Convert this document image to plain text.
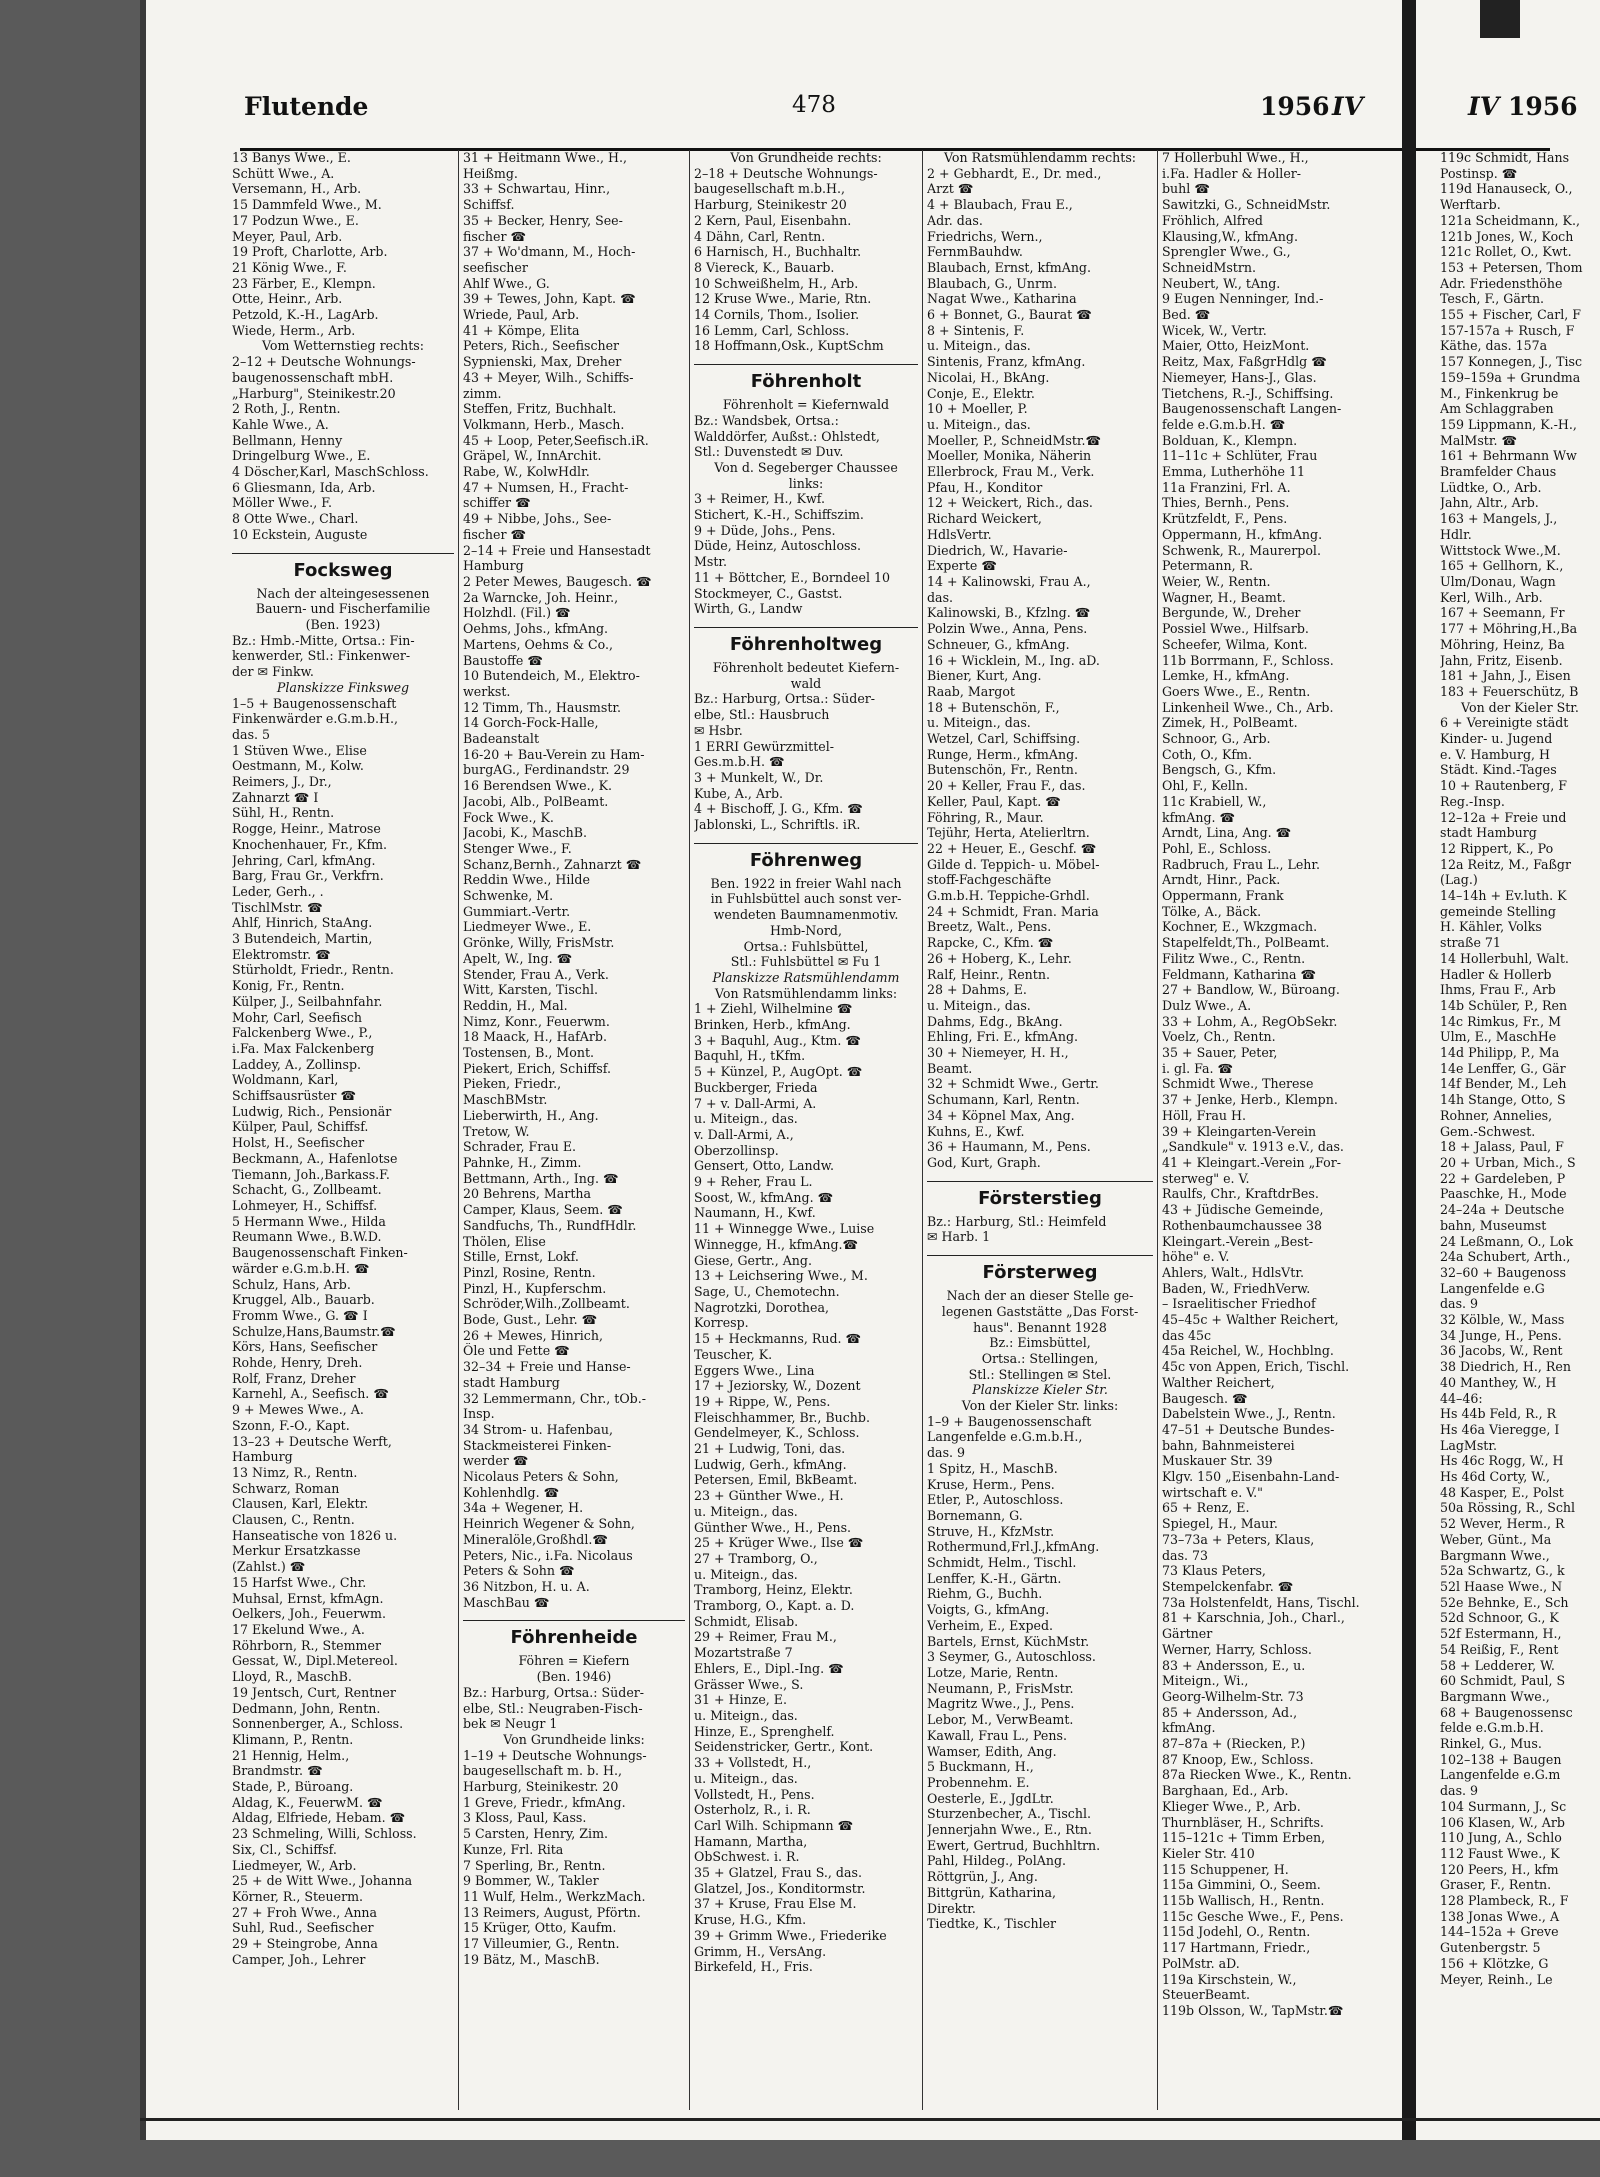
Flutende	478	1956 IV	IV 1956
13 Banys Wwe., E.
Schütt Wwe., A.
Versemann, H., Arb.
15 Dammfeld Wwe., M.
17 Podzun Wwe., E.
Meyer, Paul, Arb.
19 Proft, Charlotte, Arb.
21 König Wwe., F.
23 Färber, E., Klempn.
Otte, Heinr., Arb.
Petzold, K.-H., LagArb.
Wiede, Herm., Arb.
Vom Wetternstieg rechts:
2–12 + Deutsche Wohnungs-
baugenossenschaft mbH.
„Harburg", Steinikestr.20
2 Roth, J., Rentn.
Kahle Wwe., A.
Bellmann, Henny
Dringelburg Wwe., E.
4 Döscher,Karl, MaschSchloss.
6 Gliesmann, Ida, Arb.
Möller Wwe., F.
8 Otte Wwe., Charl.
10 Eckstein, Auguste
Focksweg
Nach der alteingesessenen
Bauern- und Fischerfamilie
(Ben. 1923)
Bz.: Hmb.-Mitte, Ortsa.: Fin-
kenwerder, Stl.: Finkenwer-
der ✉ Finkw.
Planskizze Finksweg
1–5 + Baugenossenschaft
Finkenwärder e.G.m.b.H.,
das. 5
1 Stüven Wwe., Elise
Oestmann, M., Kolw.
Reimers, J., Dr.,
Zahnarzt ☎ I
Sühl, H., Rentn.
Rogge, Heinr., Matrose
Knochenhauer, Fr., Kfm.
Jehring, Carl, kfmAng.
Barg, Frau Gr., Verkfrn.
Leder, Gerh., .
TischlMstr. ☎
Ahlf, Hinrich, StaAng.
3 Butendeich, Martin,
Elektromstr. ☎
Stürholdt, Friedr., Rentn.
Konig, Fr., Rentn.
Külper, J., Seilbahnfahr.
Mohr, Carl, Seefisch
Falckenberg Wwe., P.,
i.Fa. Max Falckenberg
Laddey, A., Zollinsp.
Woldmann, Karl,
Schiffsausrüster ☎
Ludwig, Rich., Pensionär
Külper, Paul, Schiffsf.
Holst, H., Seefischer
Beckmann, A., Hafenlotse
Tiemann, Joh.,Barkass.F.
Schacht, G., Zollbeamt.
Lohmeyer, H., Schiffsf.
5 Hermann Wwe., Hilda
Reumann Wwe., B.W.D.
Baugenossenschaft Finken-
wärder e.G.m.b.H. ☎
Schulz, Hans, Arb.
Kruggel, Alb., Bauarb.
Fromm Wwe., G. ☎ I
Schulze,Hans,Baumstr.☎
Körs, Hans, Seefischer
Rohde, Henry, Dreh.
Rolf, Franz, Dreher
Karnehl, A., Seefisch. ☎
9 + Mewes Wwe., A.
Szonn, F.-O., Kapt.
13–23 + Deutsche Werft,
Hamburg
13 Nimz, R., Rentn.
Schwarz, Roman
Clausen, Karl, Elektr.
Clausen, C., Rentn.
Hanseatische von 1826 u.
Merkur Ersatzkasse
(Zahlst.) ☎
15 Harfst Wwe., Chr.
Muhsal, Ernst, kfmAgn.
Oelkers, Joh., Feuerwm.
17 Ekelund Wwe., A.
Röhrborn, R., Stemmer
Gessat, W., Dipl.Metereol.
Lloyd, R., MaschB.
19 Jentsch, Curt, Rentner
Dedmann, John, Rentn.
Sonnenberger, A., Schloss.
Klimann, P., Rentn.
21 Hennig, Helm.,
Brandmstr. ☎
Stade, P., Büroang.
Aldag, K., FeuerwM. ☎
Aldag, Elfriede, Hebam. ☎
23 Schmeling, Willi, Schloss.
Six, Cl., Schiffsf.
Liedmeyer, W., Arb.
25 + de Witt Wwe., Johanna
Körner, R., Steuerm.
27 + Froh Wwe., Anna
Suhl, Rud., Seefischer
29 + Steingrobe, Anna
Camper, Joh., Lehrer
31 + Heitmann Wwe., H.,
Heißmg.
33 + Schwartau, Hinr.,
Schiffsf.
35 + Becker, Henry, See-
fischer ☎
37 + Wo'dmann, M., Hoch-
seefischer
Ahlf Wwe., G.
39 + Tewes, John, Kapt. ☎
Wriede, Paul, Arb.
41 + Kömpe, Elita
Peters, Rich., Seefischer
Sypnienski, Max, Dreher
43 + Meyer, Wilh., Schiffs-
zimm.
Steffen, Fritz, Buchhalt.
Volkmann, Herb., Masch.
45 + Loop, Peter,Seefisch.iR.
Gräpel, W., InnArchit.
Rabe, W., KolwHdlr.
47 + Numsen, H., Fracht-
schiffer ☎
49 + Nibbe, Johs., See-
fischer ☎
2–14 + Freie und Hansestadt
Hamburg
2 Peter Mewes, Baugesch. ☎
2a Warncke, Joh. Heinr.,
Holzhdl. (Fil.) ☎
Oehms, Johs., kfmAng.
Martens, Oehms & Co.,
Baustoffe ☎
10 Butendeich, M., Elektro-
werkst.
12 Timm, Th., Hausmstr.
14 Gorch-Fock-Halle,
Badeanstalt
16-20 + Bau-Verein zu Ham-
burgAG., Ferdinandstr. 29
16 Berendsen Wwe., K.
Jacobi, Alb., PolBeamt.
Fock Wwe., K.
Jacobi, K., MaschB.
Stenger Wwe., F.
Schanz,Bernh., Zahnarzt ☎
Reddin Wwe., Hilde
Schwenke, M.
Gummiart.-Vertr.
Liedmeyer Wwe., E.
Grönke, Willy, FrisMstr.
Apelt, W., Ing. ☎
Stender, Frau A., Verk.
Witt, Karsten, Tischl.
Reddin, H., Mal.
Nimz, Konr., Feuerwm.
18 Maack, H., HafArb.
Tostensen, B., Mont.
Piekert, Erich, Schiffsf.
Pieken, Friedr.,
MaschBMstr.
Lieberwirth, H., Ang.
Tretow, W.
Schrader, Frau E.
Pahnke, H., Zimm.
Bettmann, Arth., Ing. ☎
20 Behrens, Martha
Camper, Klaus, Seem. ☎
Sandfuchs, Th., RundfHdlr.
Thölen, Elise
Stille, Ernst, Lokf.
Pinzl, Rosine, Rentn.
Pinzl, H., Kupferschm.
Schröder,Wilh.,Zollbeamt.
Bode, Gust., Lehr. ☎
26 + Mewes, Hinrich,
Öle und Fette ☎
32–34 + Freie und Hanse-
stadt Hamburg
32 Lemmermann, Chr., tOb.-
Insp.
34 Strom- u. Hafenbau,
Stackmeisterei Finken-
werder ☎
Nicolaus Peters & Sohn,
Kohlenhdlg. ☎
34a + Wegener, H.
Heinrich Wegener & Sohn,
Mineralöle,Großhdl.☎
Peters, Nic., i.Fa. Nicolaus
Peters & Sohn ☎
36 Nitzbon, H. u. A.
MaschBau ☎
Föhrenheide
Föhren = Kiefern
(Ben. 1946)
Bz.: Harburg, Ortsa.: Süder-
elbe, Stl.: Neugraben-Fisch-
bek ✉ Neugr 1
Von Grundheide links:
1–19 + Deutsche Wohnungs-
baugesellschaft m. b. H.,
Harburg, Steinikestr. 20
1 Greve, Friedr., kfmAng.
3 Kloss, Paul, Kass.
5 Carsten, Henry, Zim.
Kunze, Frl. Rita
7 Sperling, Br., Rentn.
9 Bommer, W., Takler
11 Wulf, Helm., WerkzMach.
13 Reimers, August, Pförtn.
15 Krüger, Otto, Kaufm.
17 Villeumier, G., Rentn.
19 Bätz, M., MaschB.
Von Grundheide rechts:
2–18 + Deutsche Wohnungs-
baugesellschaft m.b.H.,
Harburg, Steinikestr 20
2 Kern, Paul, Eisenbahn.
4 Dähn, Carl, Rentn.
6 Harnisch, H., Buchhaltr.
8 Viereck, K., Bauarb.
10 Schweißhelm, H., Arb.
12 Kruse Wwe., Marie, Rtn.
14 Cornils, Thom., Isolier.
16 Lemm, Carl, Schloss.
18 Hoffmann,Osk., KuptSchm
Föhrenholt
Föhrenholt = Kiefernwald
Bz.: Wandsbek, Ortsa.:
Walddörfer, Außst.: Ohlstedt,
Stl.: Duvenstedt ✉ Duv.
Von d. Segeberger Chaussee
links:
3 + Reimer, H., Kwf.
Stichert, K.-H., Schiffszim.
9 + Düde, Johs., Pens.
Düde, Heinz, Autoschloss.
Mstr.
11 + Böttcher, E., Borndeel 10
Stockmeyer, C., Gastst.
Wirth, G., Landw
Föhrenholtweg
Föhrenholt bedeutet Kiefern-
wald
Bz.: Harburg, Ortsa.: Süder-
elbe, Stl.: Hausbruch
✉ Hsbr.
1 ERRI Gewürzmittel-
Ges.m.b.H. ☎
3 + Munkelt, W., Dr.
Kube, A., Arb.
4 + Bischoff, J. G., Kfm. ☎
Jablonski, L., Schriftls. iR.
Föhrenweg
Ben. 1922 in freier Wahl nach
in Fuhlsbüttel auch sonst ver-
wendeten Baumnamenmotiv.
Hmb-Nord,
Ortsa.: Fuhlsbüttel,
Stl.: Fuhlsbüttel ✉ Fu 1
Planskizze Ratsmühlendamm
Von Ratsmühlendamm links:
1 + Ziehl, Wilhelmine ☎
Brinken, Herb., kfmAng.
3 + Baquhl, Aug., Ktm. ☎
Baquhl, H., tKfm.
5 + Künzel, P., AugOpt. ☎
Buckberger, Frieda
7 + v. Dall-Armi, A.
u. Miteign., das.
v. Dall-Armi, A.,
Oberzollinsp.
Gensert, Otto, Landw.
9 + Reher, Frau L.
Soost, W., kfmAng. ☎
Naumann, H., Kwf.
11 + Winnegge Wwe., Luise
Winnegge, H., kfmAng.☎
Giese, Gertr., Ang.
13 + Leichsering Wwe., M.
Sage, U., Chemotechn.
Nagrotzki, Dorothea,
Korresp.
15 + Heckmanns, Rud. ☎
Teuscher, K.
Eggers Wwe., Lina
17 + Jeziorsky, W., Dozent
19 + Rippe, W., Pens.
Fleischhammer, Br., Buchb.
Gendelmeyer, K., Schloss.
21 + Ludwig, Toni, das.
Ludwig, Gerh., kfmAng.
Petersen, Emil, BkBeamt.
23 + Günther Wwe., H.
u. Miteign., das.
Günther Wwe., H., Pens.
25 + Krüger Wwe., Ilse ☎
27 + Tramborg, O.,
u. Miteign., das.
Tramborg, Heinz, Elektr.
Tramborg, O., Kapt. a. D.
Schmidt, Elisab.
29 + Reimer, Frau M.,
Mozartstraße 7
Ehlers, E., Dipl.-Ing. ☎
Grässer Wwe., S.
31 + Hinze, E.
u. Miteign., das.
Hinze, E., Sprenghelf.
Seidenstricker, Gertr., Kont.
33 + Vollstedt, H.,
u. Miteign., das.
Vollstedt, H., Pens.
Osterholz, R., i. R.
Carl Wilh. Schipmann ☎
Hamann, Martha,
ObSchwest. i. R.
35 + Glatzel, Frau S., das.
Glatzel, Jos., Konditormstr.
37 + Kruse, Frau Else M.
Kruse, H.G., Kfm.
39 + Grimm Wwe., Friederike
Grimm, H., VersAng.
Birkefeld, H., Fris.
Von Ratsmühlendamm rechts:
2 + Gebhardt, E., Dr. med.,
Arzt ☎
4 + Blaubach, Frau E.,
Adr. das.
Friedrichs, Wern.,
FernmBauhdw.
Blaubach, Ernst, kfmAng.
Blaubach, G., Unrm.
Nagat Wwe., Katharina
6 + Bonnet, G., Baurat ☎
8 + Sintenis, F.
u. Miteign., das.
Sintenis, Franz, kfmAng.
Nicolai, H., BkAng.
Conje, E., Elektr.
10 + Moeller, P.
u. Miteign., das.
Moeller, P., SchneidMstr.☎
Moeller, Monika, Näherin
Ellerbrock, Frau M., Verk.
Pfau, H., Konditor
12 + Weickert, Rich., das.
Richard Weickert,
HdlsVertr.
Diedrich, W., Havarie-
Experte ☎
14 + Kalinowski, Frau A.,
das.
Kalinowski, B., Kfzlng. ☎
Polzin Wwe., Anna, Pens.
Schneuer, G., kfmAng.
16 + Wicklein, M., Ing. aD.
Biener, Kurt, Ang.
Raab, Margot
18 + Butenschön, F.,
u. Miteign., das.
Wetzel, Carl, Schiffsing.
Runge, Herm., kfmAng.
Butenschön, Fr., Rentn.
20 + Keller, Frau F., das.
Keller, Paul, Kapt. ☎
Föhring, R., Maur.
Tejühr, Herta, Atelierltrn.
22 + Heuer, E., Geschf. ☎
Gilde d. Teppich- u. Möbel-
stoff-Fachgeschäfte
G.m.b.H. Teppiche-Grhdl.
24 + Schmidt, Fran. Maria
Breetz, Walt., Pens.
Rapcke, C., Kfm. ☎
26 + Hoberg, K., Lehr.
Ralf, Heinr., Rentn.
28 + Dahms, E.
u. Miteign., das.
Dahms, Edg., BkAng.
Ehling, Fri. E., kfmAng.
30 + Niemeyer, H. H.,
Beamt.
32 + Schmidt Wwe., Gertr.
Schumann, Karl, Rentn.
34 + Köpnel Max, Ang.
Kuhns, E., Kwf.
36 + Haumann, M., Pens.
God, Kurt, Graph.
Försterstieg
Bz.: Harburg, Stl.: Heimfeld
✉ Harb. 1
Försterweg
Nach der an dieser Stelle ge-
legenen Gaststätte „Das Forst-
haus". Benannt 1928
Bz.: Eimsbüttel,
Ortsa.: Stellingen,
Stl.: Stellingen ✉ Stel.
Planskizze Kieler Str.
Von der Kieler Str. links:
1–9 + Baugenossenschaft
Langenfelde e.G.m.b.H.,
das. 9
1 Spitz, H., MaschB.
Kruse, Herm., Pens.
Etler, P., Autoschloss.
Bornemann, G.
Struve, H., KfzMstr.
Rothermund,Frl.J.,kfmAng.
Schmidt, Helm., Tischl.
Lenffer, K.-H., Gärtn.
Riehm, G., Buchh.
Voigts, G., kfmAng.
Verheim, E., Exped.
Bartels, Ernst, KüchMstr.
3 Seymer, G., Autoschloss.
Lotze, Marie, Rentn.
Neumann, P., FrisMstr.
Magritz Wwe., J., Pens.
Lebor, M., VerwBeamt.
Kawall, Frau L., Pens.
Wamser, Edith, Ang.
5 Buckmann, H.,
Probennehm. E.
Oesterle, E., JgdLtr.
Sturzenbecher, A., Tischl.
Jennerjahn Wwe., E., Rtn.
Ewert, Gertrud, Buchhltrn.
Pahl, Hildeg., PolAng.
Röttgrün, J., Ang.
Bittgrün, Katharina,
Direktr.
Tiedtke, K., Tischler
7 Hollerbuhl Wwe., H.,
i.Fa. Hadler & Holler-
buhl ☎
Sawitzki, G., SchneidMstr.
Fröhlich, Alfred
Klausing,W., kfmAng.
Sprengler Wwe., G.,
SchneidMstrn.
Neubert, W., tAng.
9 Eugen Nenninger, Ind.-
Bed. ☎
Wicek, W., Vertr.
Maier, Otto, HeizMont.
Reitz, Max, FaßgrHdlg ☎
Niemeyer, Hans-J., Glas.
Tietchens, R.-J., Schiffsing.
Baugenossenschaft Langen-
felde e.G.m.b.H. ☎
Bolduan, K., Klempn.
11–11c + Schlüter, Frau
Emma, Lutherhöhe 11
11a Franzini, Frl. A.
Thies, Bernh., Pens.
Krützfeldt, F., Pens.
Oppermann, H., kfmAng.
Schwenk, R., Maurerpol.
Petermann, R.
Weier, W., Rentn.
Wagner, H., Beamt.
Bergunde, W., Dreher
Possiel Wwe., Hilfsarb.
Scheefer, Wilma, Kont.
11b Borrmann, F., Schloss.
Lemke, H., kfmAng.
Goers Wwe., E., Rentn.
Linkenheil Wwe., Ch., Arb.
Zimek, H., PolBeamt.
Schnoor, G., Arb.
Coth, O., Kfm.
Bengsch, G., Kfm.
Ohl, F., Kelln.
11c Krabiell, W.,
kfmAng. ☎
Arndt, Lina, Ang. ☎
Pohl, E., Schloss.
Radbruch, Frau L., Lehr.
Arndt, Hinr., Pack.
Oppermann, Frank
Tölke, A., Bäck.
Kochner, E., Wkzgmach.
Stapelfeldt,Th., PolBeamt.
Filitz Wwe., C., Rentn.
Feldmann, Katharina ☎
27 + Bandlow, W., Büroang.
Dulz Wwe., A.
33 + Lohm, A., RegObSekr.
Voelz, Ch., Rentn.
35 + Sauer, Peter,
i. gl. Fa. ☎
Schmidt Wwe., Therese
37 + Jenke, Herb., Klempn.
Höll, Frau H.
39 + Kleingarten-Verein
„Sandkule" v. 1913 e.V., das.
41 + Kleingart.-Verein „For-
sterweg" e. V.
Raulfs, Chr., KraftdrBes.
43 + Jüdische Gemeinde,
Rothenbaumchaussee 38
Kleingart.-Verein „Best-
höhe" e. V.
Ahlers, Walt., HdlsVtr.
Baden, W., FriedhVerw.
– Israelitischer Friedhof
45–45c + Walther Reichert,
das 45c
45a Reichel, W., Hochblng.
45c von Appen, Erich, Tischl.
Walther Reichert,
Baugesch. ☎
Dabelstein Wwe., J., Rentn.
47–51 + Deutsche Bundes-
bahn, Bahnmeisterei
Muskauer Str. 39
Klgv. 150 „Eisenbahn-Land-
wirtschaft e. V."
65 + Renz, E.
Spiegel, H., Maur.
73–73a + Peters, Klaus,
das. 73
73 Klaus Peters,
Stempelckenfabr. ☎
73a Holstenfeldt, Hans, Tischl.
81 + Karschnia, Joh., Charl.,
Gärtner
Werner, Harry, Schloss.
83 + Andersson, E., u.
Miteign., Wi.,
Georg-Wilhelm-Str. 73
85 + Andersson, Ad.,
kfmAng.
87–87a + (Riecken, P.)
87 Knoop, Ew., Schloss.
87a Riecken Wwe., K., Rentn.
Barghaan, Ed., Arb.
Klieger Wwe., P., Arb.
Thurnbläser, H., Schrifts.
115–121c + Timm Erben,
Kieler Str. 410
115 Schuppener, H.
115a Gimmini, O., Seem.
115b Wallisch, H., Rentn.
115c Gesche Wwe., F., Pens.
115d Jodehl, O., Rentn.
117 Hartmann, Friedr.,
PolMstr. aD.
119a Kirschstein, W.,
SteuerBeamt.
119b Olsson, W., TapMstr.☎
119c Schmidt, Hans
Postinsp. ☎
119d Hanauseck, O.,
Werftarb.
121a Scheidmann, K.,
121b Jones, W., Koch
121c Rollet, O., Kwt.
153 + Petersen, Thom
Adr. Friedensthöhe
Tesch, F., Gärtn.
155 + Fischer, Carl, F
157-157a + Rusch, F
Käthe, das. 157a
157 Konnegen, J., Tisc
159–159a + Grundma
M., Finkenkrug be
Am Schlaggraben
159 Lippmann, K.-H.,
MalMstr. ☎
161 + Behrmann Ww
Bramfelder Chaus
Lüdtke, O., Arb.
Jahn, Altr., Arb.
163 + Mangels, J.,
Hdlr.
Wittstock Wwe.,M.
165 + Gellhorn, K.,
Ulm/Donau, Wagn
Kerl, Wilh., Arb.
167 + Seemann, Fr
177 + Möhring,H.,Ba
Möhring, Heinz, Ba
Jahn, Fritz, Eisenb.
181 + Jahn, J., Eisen
183 + Feuerschütz, B
Von der Kieler Str.
6 + Vereinigte städt
Kinder- u. Jugend
e. V. Hamburg, H
Städt. Kind.-Tages
10 + Rautenberg, F
Reg.-Insp.
12–12a + Freie und
stadt Hamburg
12 Rippert, K., Po
12a Reitz, M., Faßgr
(Lag.)
14–14h + Ev.luth. K
gemeinde Stelling
H. Kähler, Volks
straße 71
14 Hollerbuhl, Walt.
Hadler & Hollerb
Ihms, Frau F., Arb
14b Schüler, P., Ren
14c Rimkus, Fr., M
Ulm, E., MaschHe
14d Philipp, P., Ma
14e Lenffer, G., Gär
14f Bender, M., Leh
14h Stange, Otto, S
Rohner, Annelies,
Gem.-Schwest.
18 + Jalass, Paul, F
20 + Urban, Mich., S
22 + Gardeleben, P
Paaschke, H., Mode
24–24a + Deutsche
bahn, Museumst
24 Leßmann, O., Lok
24a Schubert, Arth.,
32–60 + Baugenoss
Langenfelde e.G
das. 9
32 Kölble, W., Mass
34 Junge, H., Pens.
36 Jacobs, W., Rent
38 Diedrich, H., Ren
40 Manthey, W., H
44–46:
Hs 44b Feld, R., R
Hs 46a Vieregge, I
LagMstr.
Hs 46c Rogg, W., H
Hs 46d Corty, W.,
48 Kasper, E., Polst
50a Rössing, R., Schl
52 Wever, Herm., R
Weber, Günt., Ma
Bargmann Wwe.,
52a Schwartz, G., k
52l Haase Wwe., N
52e Behnke, E., Sch
52d Schnoor, G., K
52f Estermann, H.,
54 Reißig, F., Rent
58 + Ledderer, W.
60 Schmidt, Paul, S
Bargmann Wwe.,
68 + Baugenossensc
felde e.G.m.b.H.
Rinkel, G., Mus.
102–138 + Baugen
Langenfelde e.G.m
das. 9
104 Surmann, J., Sc
106 Klasen, W., Arb
110 Jung, A., Schlo
112 Faust Wwe., K
120 Peers, H., kfm
Graser, F., Rentn.
128 Plambeck, R., F
138 Jonas Wwe., A
144–152a + Greve
Gutenbergstr. 5
156 + Klötzke, G
Meyer, Reinh., Le
